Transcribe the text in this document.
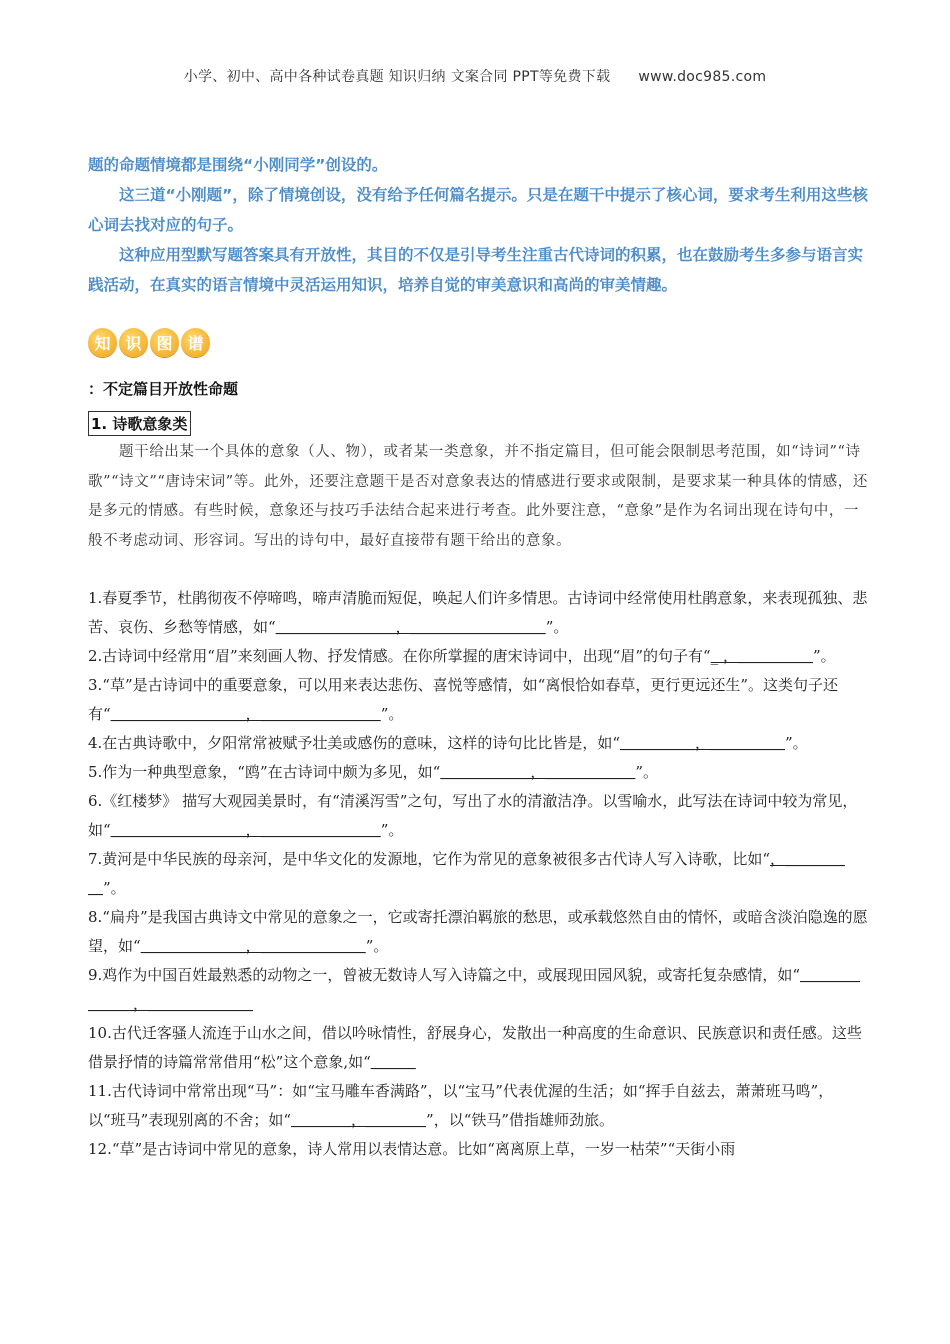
小学、初中、高中各种试卷真题 知识归纳 文案合同 PPT等免费下载 www.doc985.com

题的命题情境都是围绕“小刚同学”创设的。

这三道“小刚题”，除了情境创设，没有给予任何篇名提示。只是在题干中提示了核心词，要求考生利用这些核心词去找对应的句子。

这种应用型默写题答案具有开放性，其目的不仅是引导考生注重古代诗词的积累，也在鼓励考生多参与语言实践活动，在真实的语言情境中灵活运用知识，培养自觉的审美意识和高尚的审美情趣。

知 识 图 谱
：不定篇目开放性命题
1. 诗歌意象类

题干给出某一个具体的意象（人、物），或者某一类意象，并不指定篇目，但可能会限制思考范围，如“诗词”“诗歌”“诗文”“唐诗宋词”等。此外，还要注意题干是否对意象表达的情感进行要求或限制，是要求某一种具体的情感，还是多元的情感。有些时候，意象还与技巧手法结合起来进行考查。此外要注意，“意象”是作为名词出现在诗句中，一般不考虑动词、形容词。写出的诗句中，最好直接带有题干给出的意象。

1.春夏季节，杜鹃彻夜不停啼鸣，啼声清脆而短促，唤起人们许多情思。古诗词中经常使用杜鹃意象，来表现孤独、悲苦、哀伤、乡愁等情感，如“＿＿＿＿＿＿＿＿，＿＿＿＿＿＿＿＿＿”。

2.古诗词中经常用“眉”来刻画人物、抒发情感。在你所掌握的唐宋诗词中，出现“眉”的句子有“_ ，＿＿＿＿＿”。

3.“草”是古诗词中的重要意象，可以用来表达悲伤、喜悦等感情，如“离恨恰如春草，更行更远还生”。这类句子还有“＿＿＿＿＿＿＿＿＿，＿＿＿＿＿＿＿＿”。

4.在古典诗歌中，夕阳常常被赋予壮美或感伤的意味，这样的诗句比比皆是，如“＿＿＿＿＿，＿＿＿＿＿”。

5.作为一种典型意象，“鸥”在古诗词中颇为多见，如“＿＿＿＿＿＿，＿＿＿＿＿＿”。

6.《红楼梦》 描写大观园美景时，有“清溪泻雪”之句，写出了水的清澈洁净。以雪喻水，此写法在诗词中较为常见，如“＿＿＿＿＿＿＿＿＿，＿＿＿＿＿＿＿＿”。

7.黄河是中华民族的母亲河，是中华文化的发源地，它作为常见的意象被很多古代诗人写入诗歌，比如“，＿＿＿＿＿”。

8.“扁舟”是我国古典诗文中常见的意象之一，它或寄托漂泊羁旅的愁思，或承载悠然自由的情怀，或暗含淡泊隐逸的愿望，如“＿＿＿＿＿＿＿，＿＿＿＿＿＿＿”。

9.鸡作为中国百姓最熟悉的动物之一，曾被无数诗人写入诗篇之中，或展现田园风貌，或寄托复杂感情，如“＿＿＿＿＿＿＿，＿＿＿＿＿＿＿

10.古代迁客骚人流连于山水之间，借以吟咏情性，舒展身心，发散出一种高度的生命意识、民族意识和责任感。这些借景抒情的诗篇常常借用“松”这个意象,如“＿＿＿

11.古代诗词中常常出现“马”：如“宝马雕车香满路”，以“宝马”代表优渥的生活；如“挥手自兹去，萧萧班马鸣”，以“班马”表现别离的不舍；如“＿＿＿＿，＿＿＿＿”，以“铁马”借指雄师劲旅。

12.“草”是古诗词中常见的意象，诗人常用以表情达意。比如“离离原上草，一岁一枯荣”“天街小雨
